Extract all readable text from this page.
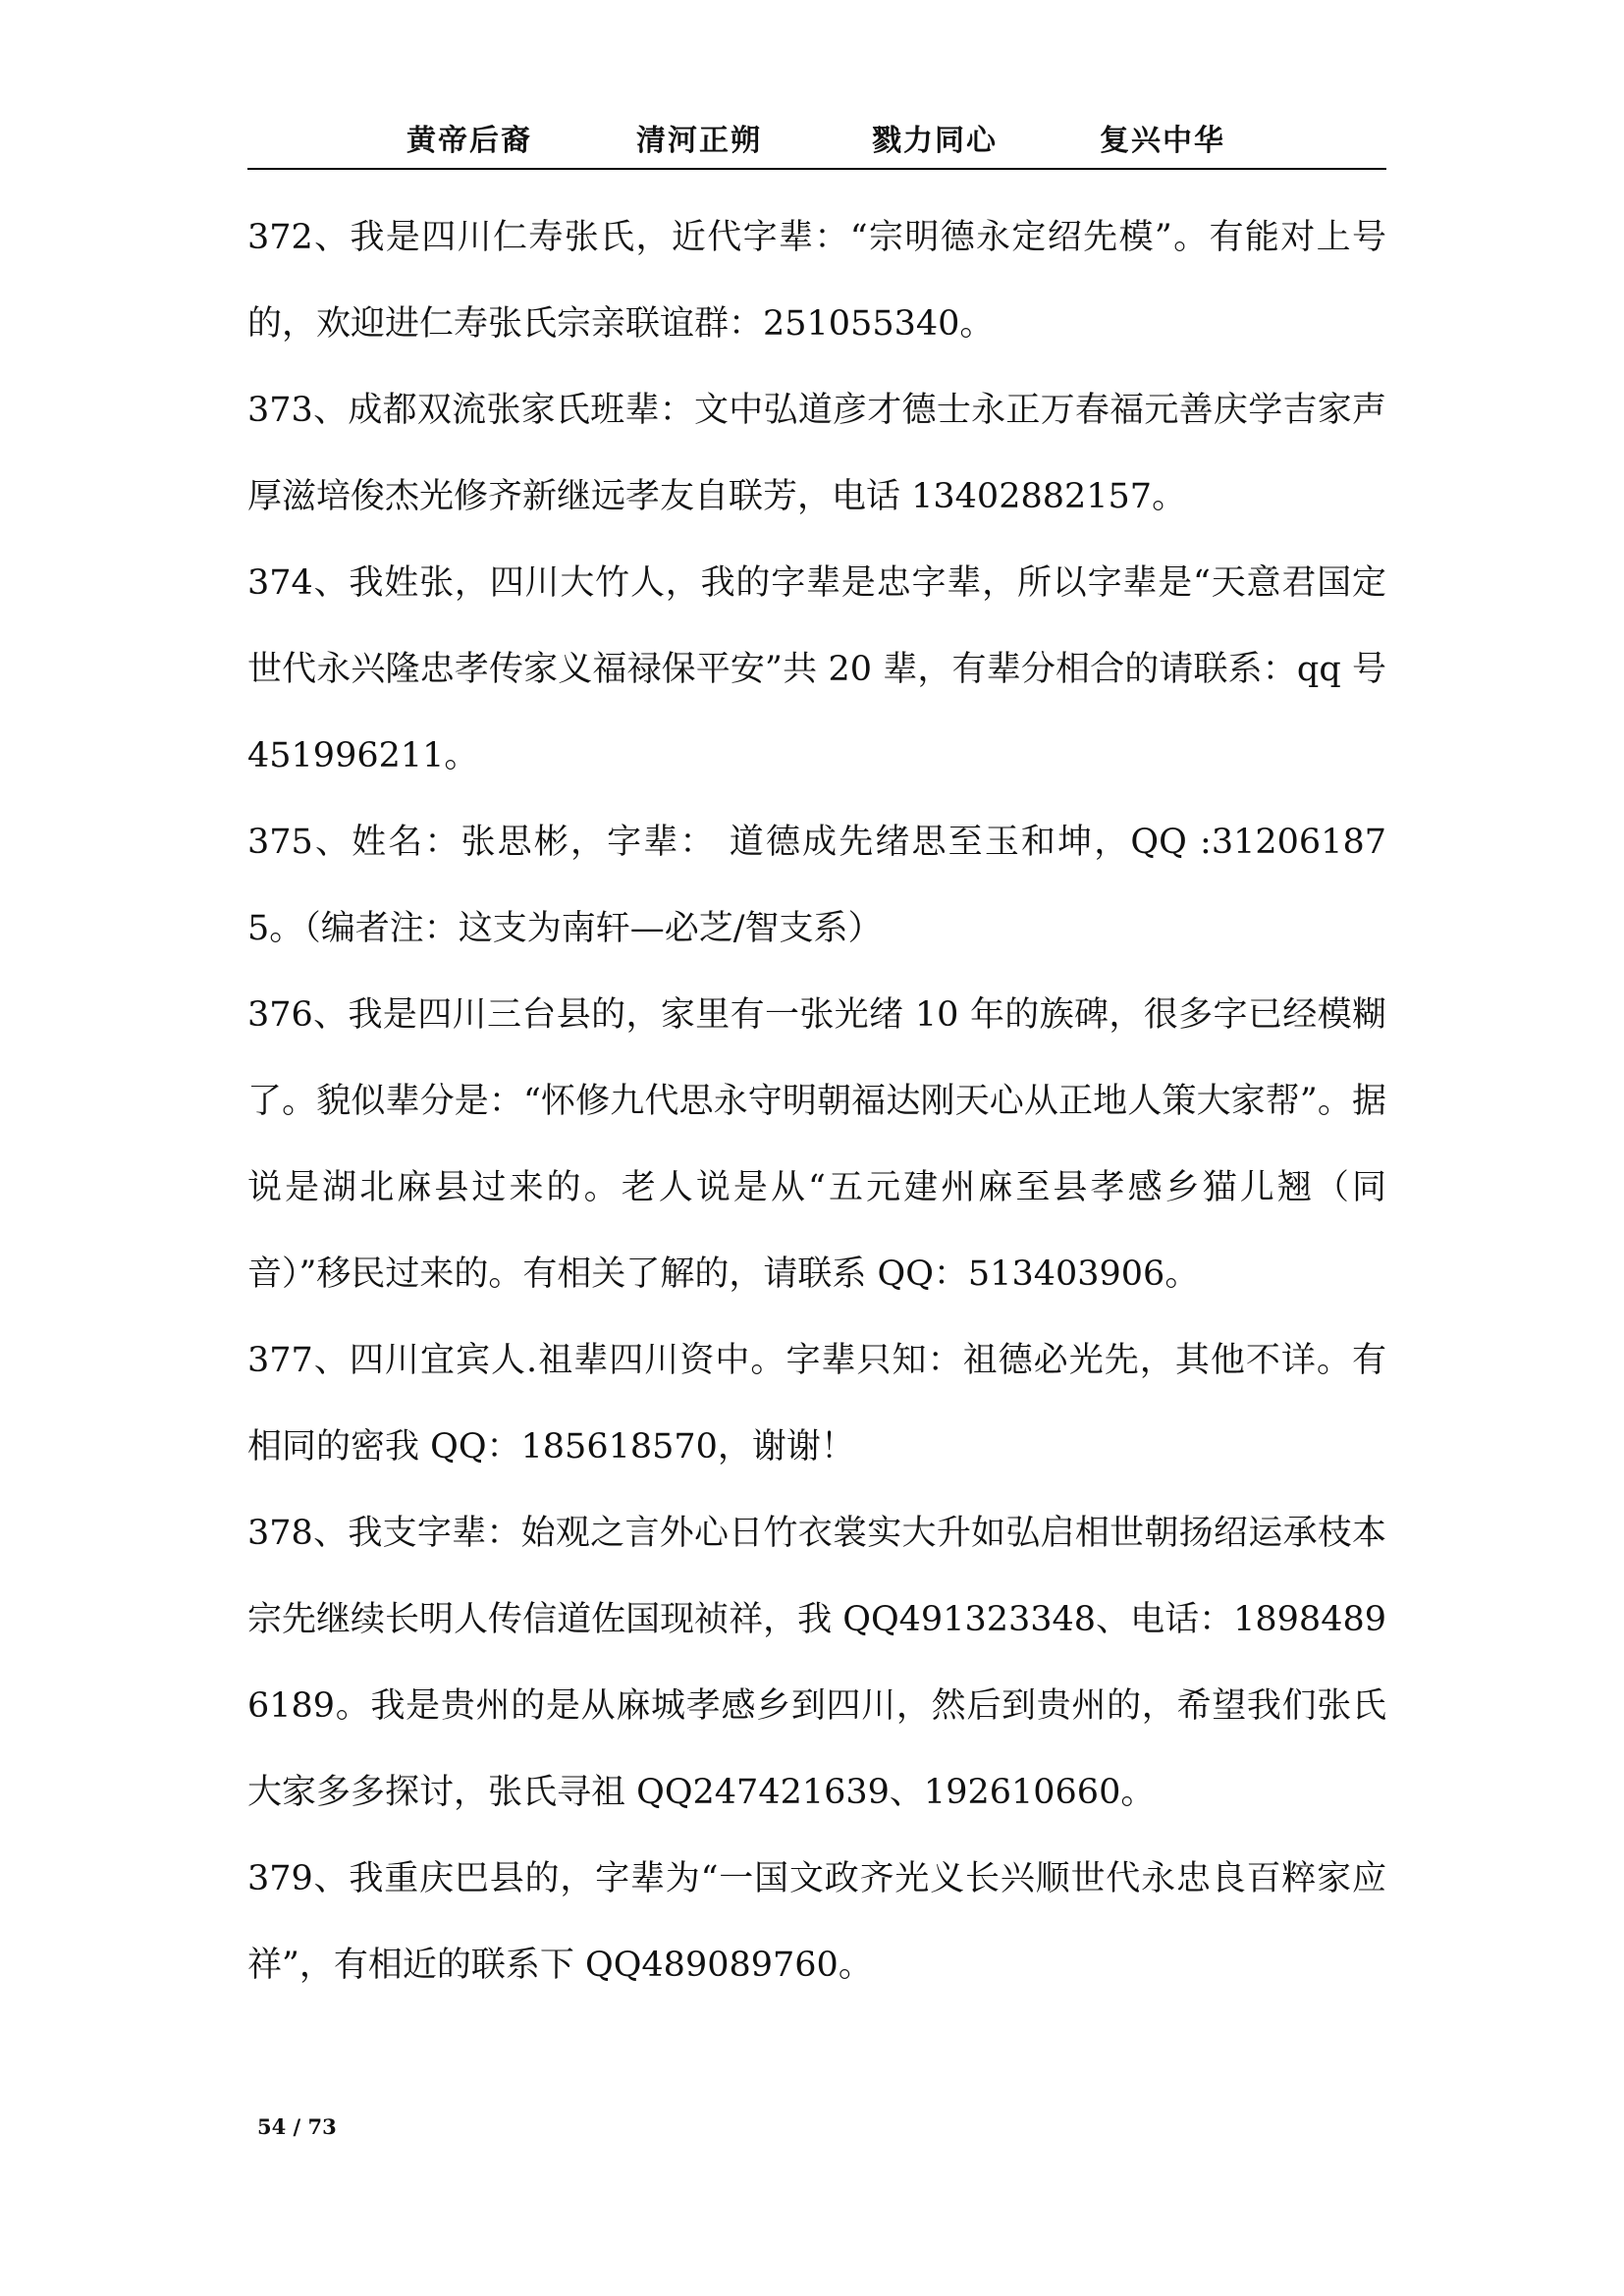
黄帝后裔	清河正朔	戮力同心	复兴中华

372、我是四川仁寿张氏，近代字辈：“宗明德永定绍先模”。有能对上号的，欢迎进仁寿张氏宗亲联谊群：251055340。

373、成都双流张家氏班辈：文中弘道彦才德士永正万春福元善庆学吉家声厚滋培俊杰光修齐新继远孝友自联芳，电话 13402882157。

374、我姓张，四川大竹人，我的字辈是忠字辈，所以字辈是“天意君国定世代永兴隆忠孝传家义福禄保平安”共 20 辈，有辈分相合的请联系：qq 号 451996211。

375、姓名：张思彬，字辈： 道德成先绪思至玉和坤，QQ :312061875。（编者注：这支为南轩—必芝/智支系）

376、我是四川三台县的，家里有一张光绪 10 年的族碑，很多字已经模糊了。貌似辈分是：“怀修九代思永守明朝福达刚天心从正地人策大家帮”。据说是湖北麻县过来的。老人说是从“五元建州麻至县孝感乡猫儿翘（同音）”移民过来的。有相关了解的，请联系 QQ：513403906。

377、四川宜宾人.祖辈四川资中。字辈只知：祖德必光先，其他不详。有相同的密我 QQ：185618570，谢谢！

378、我支字辈：始观之言外心日竹衣裳实大升如弘启相世朝扬绍运承枝本宗先继续长明人传信道佐国现祯祥，我 QQ491323348、电话：18984896189。我是贵州的是从麻城孝感乡到四川，然后到贵州的，希望我们张氏大家多多探讨，张氏寻祖 QQ247421639、192610660。

379、我重庆巴县的，字辈为“一国文政齐光义长兴顺世代永忠良百粹家应祥”，有相近的联系下 QQ489089760。

54 / 73
